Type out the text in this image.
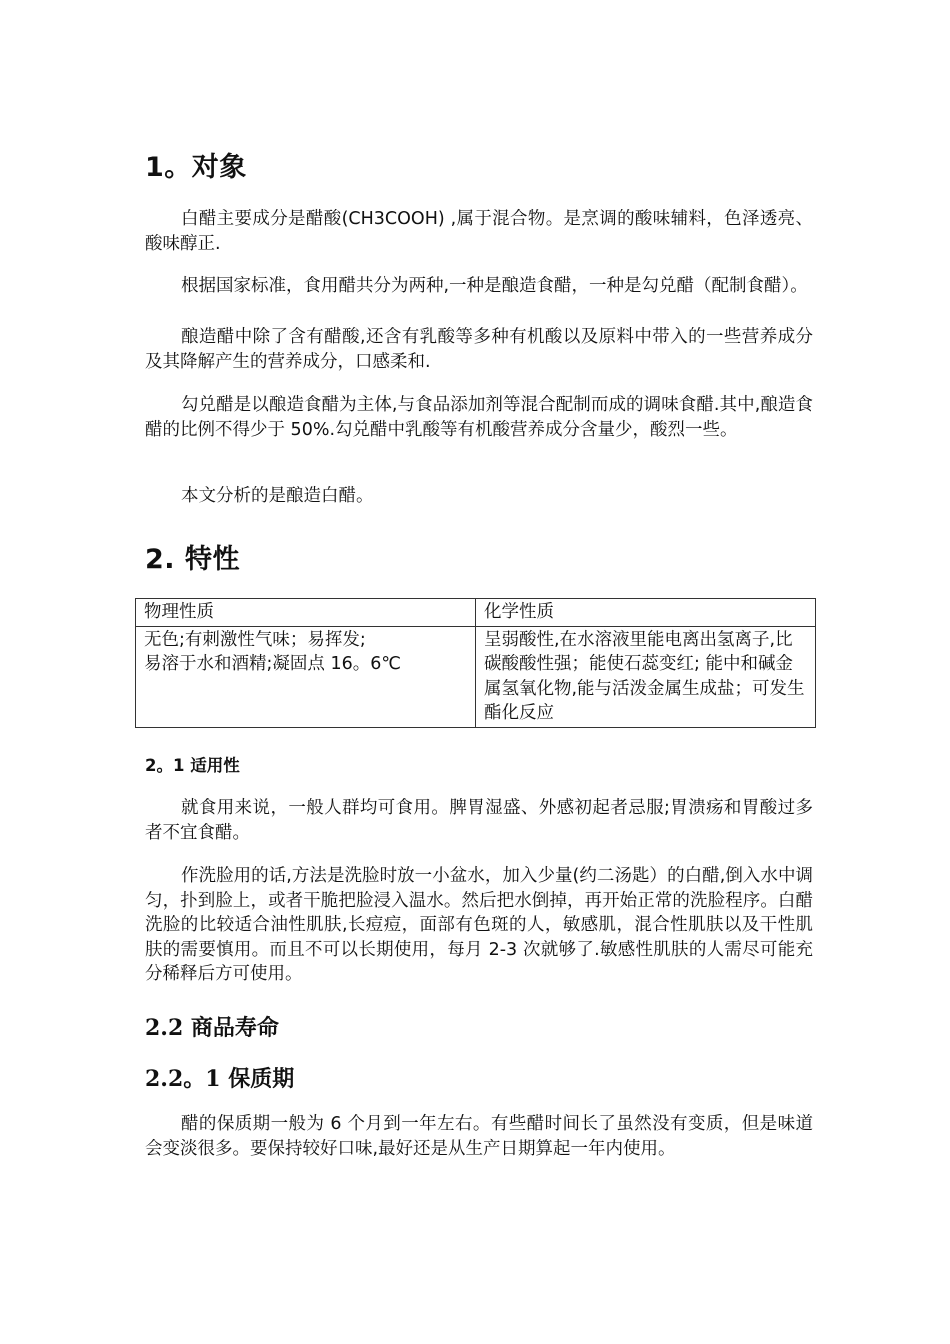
1。对象

白醋主要成分是醋酸(CH3COOH) ,属于混合物。是烹调的酸味辅料，色泽透亮、酸味醇正.

根据国家标准，食用醋共分为两种,一种是酿造食醋，一种是勾兑醋（配制食醋）。

酿造醋中除了含有醋酸,还含有乳酸等多种有机酸以及原料中带入的一些营养成分及其降解产生的营养成分，口感柔和.

勾兑醋是以酿造食醋为主体,与食品添加剂等混合配制而成的调味食醋.其中,酿造食醋的比例不得少于 50%.勾兑醋中乳酸等有机酸营养成分含量少，酸烈一些。

本文分析的是酿造白醋。

2. 特性
物理性质	化学性质

无色;有刺激性气味；易挥发;
易溶于水和酒精;凝固点 16。6℃	呈弱酸性,在水溶液里能电离出氢离子,比碳酸酸性强；能使石蕊变红; 能中和碱金属氢氧化物,能与活泼金属生成盐；可发生酯化反应
2。1 适用性

就食用来说，一般人群均可食用。脾胃湿盛、外感初起者忌服;胃溃疡和胃酸过多者不宜食醋。

作洗脸用的话,方法是洗脸时放一小盆水，加入少量(约二汤匙）的白醋,倒入水中调匀，扑到脸上，或者干脆把脸浸入温水。然后把水倒掉，再开始正常的洗脸程序。白醋洗脸的比较适合油性肌肤,长痘痘，面部有色斑的人，敏感肌，混合性肌肤以及干性肌肤的需要慎用。而且不可以长期使用，每月 2-3 次就够了.敏感性肌肤的人需尽可能充分稀释后方可使用。

2.2 商品寿命
2.2。1 保质期

醋的保质期一般为 6 个月到一年左右。有些醋时间长了虽然没有变质，但是味道会变淡很多。要保持较好口味,最好还是从生产日期算起一年内使用。
